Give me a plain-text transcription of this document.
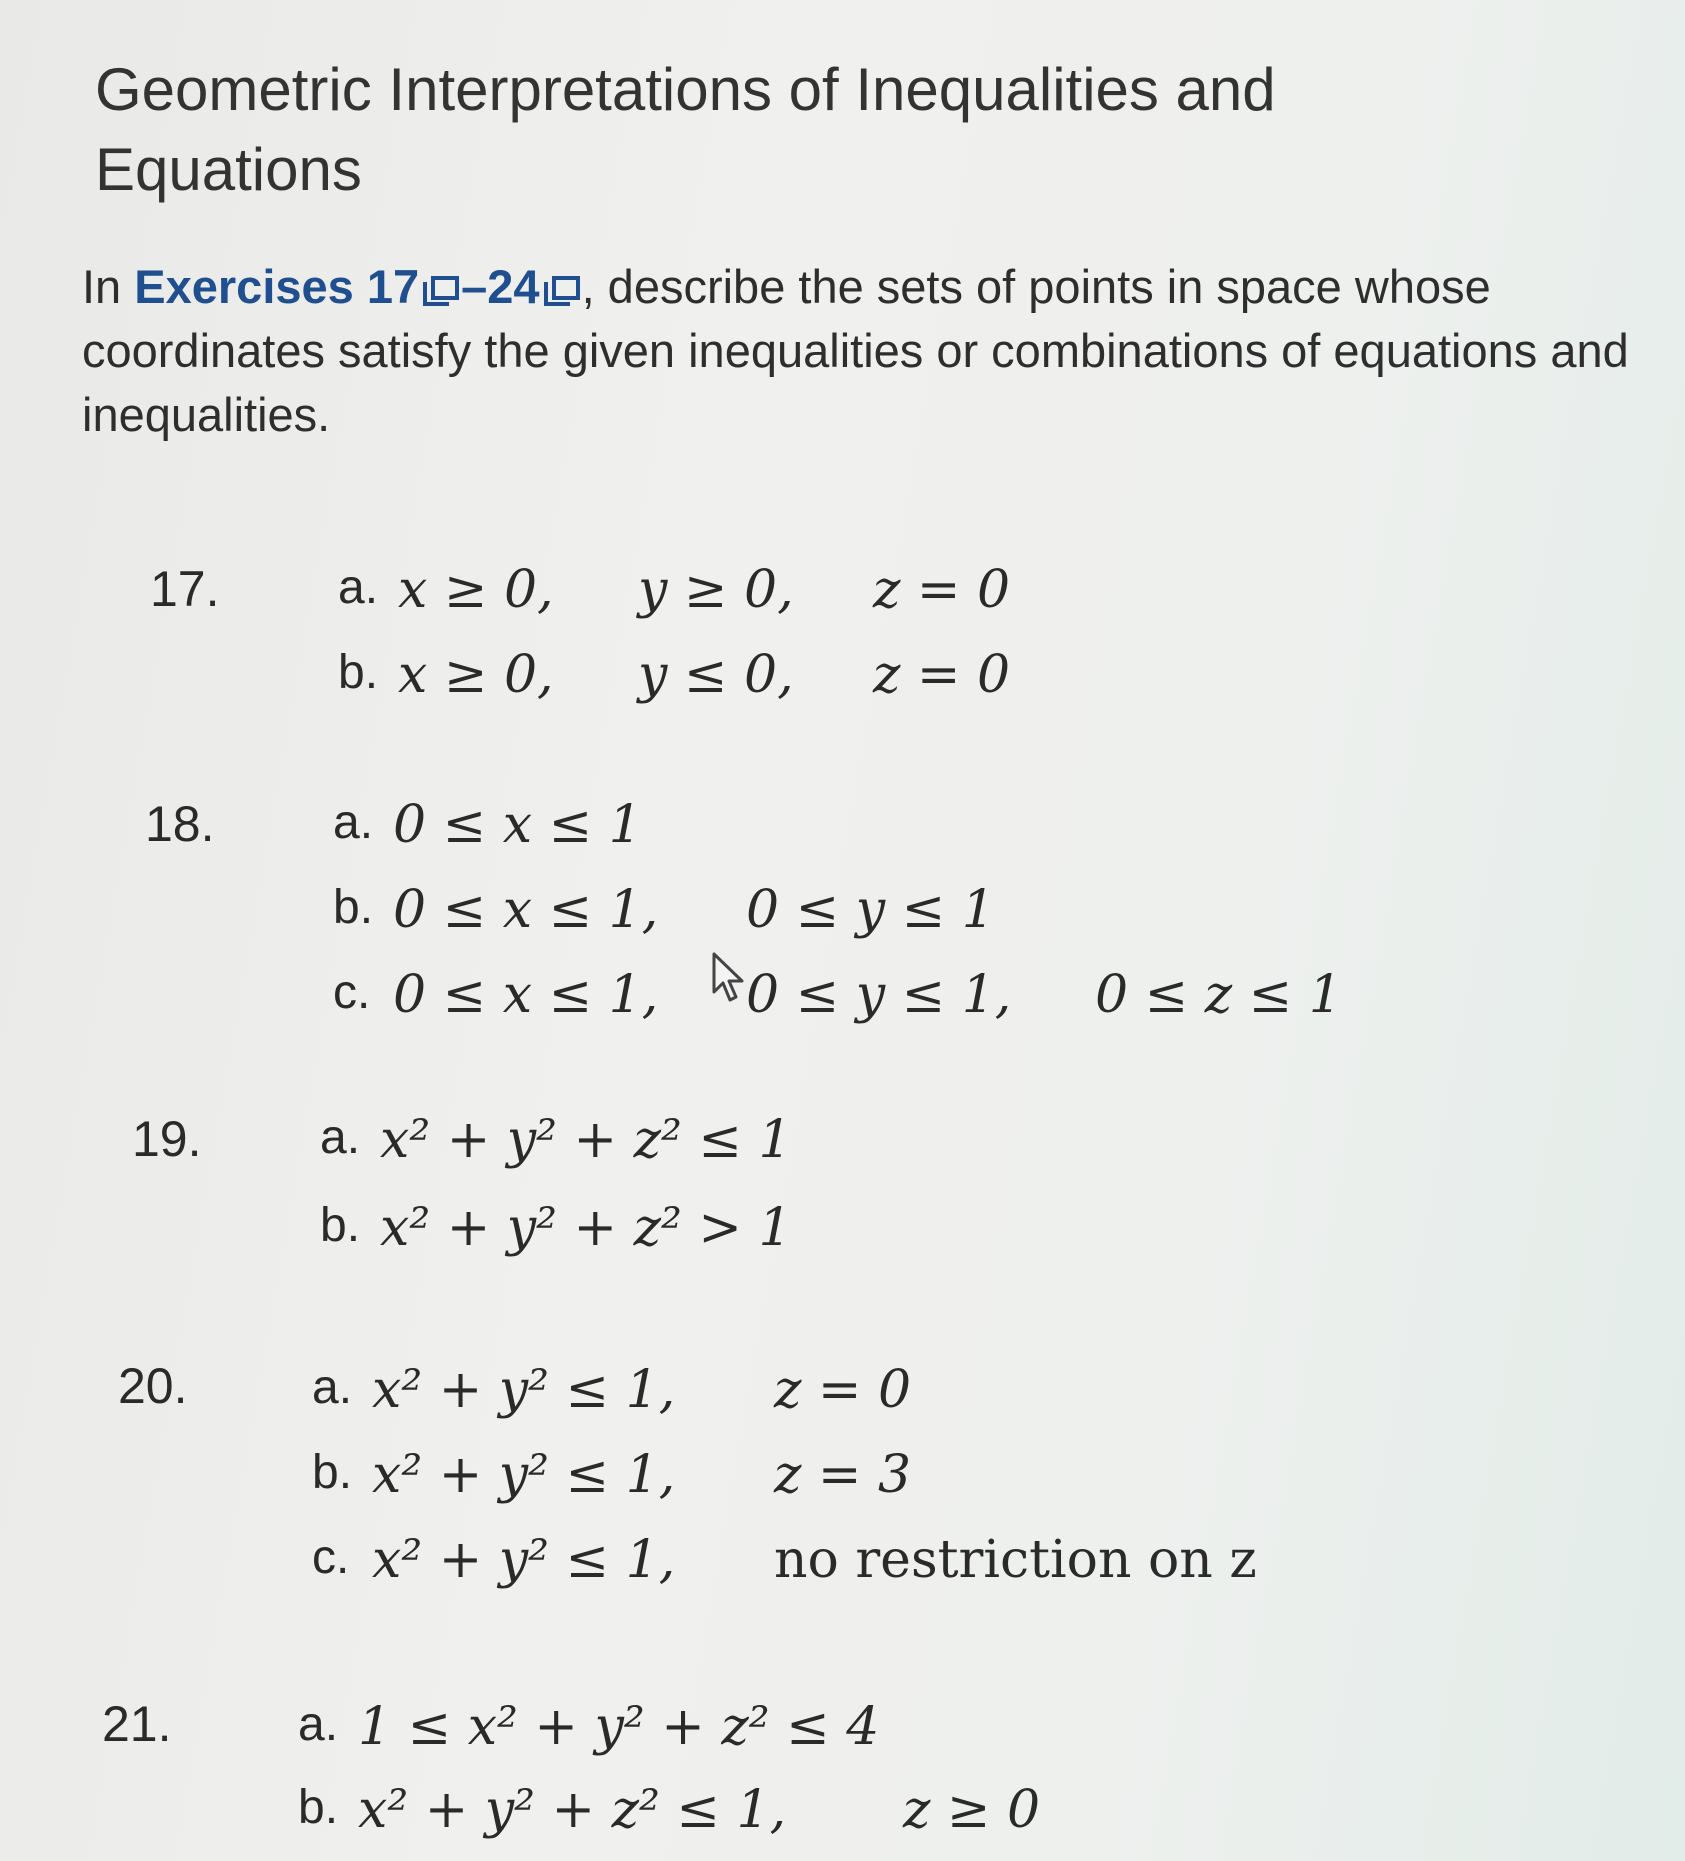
Geometric Interpretations of Inequalities and Equations
In Exercises 17 –24 , describe the sets of points in space whose coordinates satisfy the given inequalities or combinations of equations and inequalities.
17. a. x ≥ 0, y ≥ 0, z = 0
b. x ≥ 0, y ≤ 0, z = 0
18. a. 0 ≤ x ≤ 1
b. 0 ≤ x ≤ 1, 0 ≤ y ≤ 1
c. 0 ≤ x ≤ 1, 0 ≤ y ≤ 1, 0 ≤ z ≤ 1
19. a. x² + y² + z² ≤ 1
b. x² + y² + z² > 1
20.	a. x² + y² ≤ 1, z = 0
b. x² + y² ≤ 1, z = 3
c. x² + y² ≤ 1, no restriction on z
21.	a. 1 ≤ x² + y² + z² ≤ 4
b. x² + y² + z² ≤ 1, z ≥ 0
